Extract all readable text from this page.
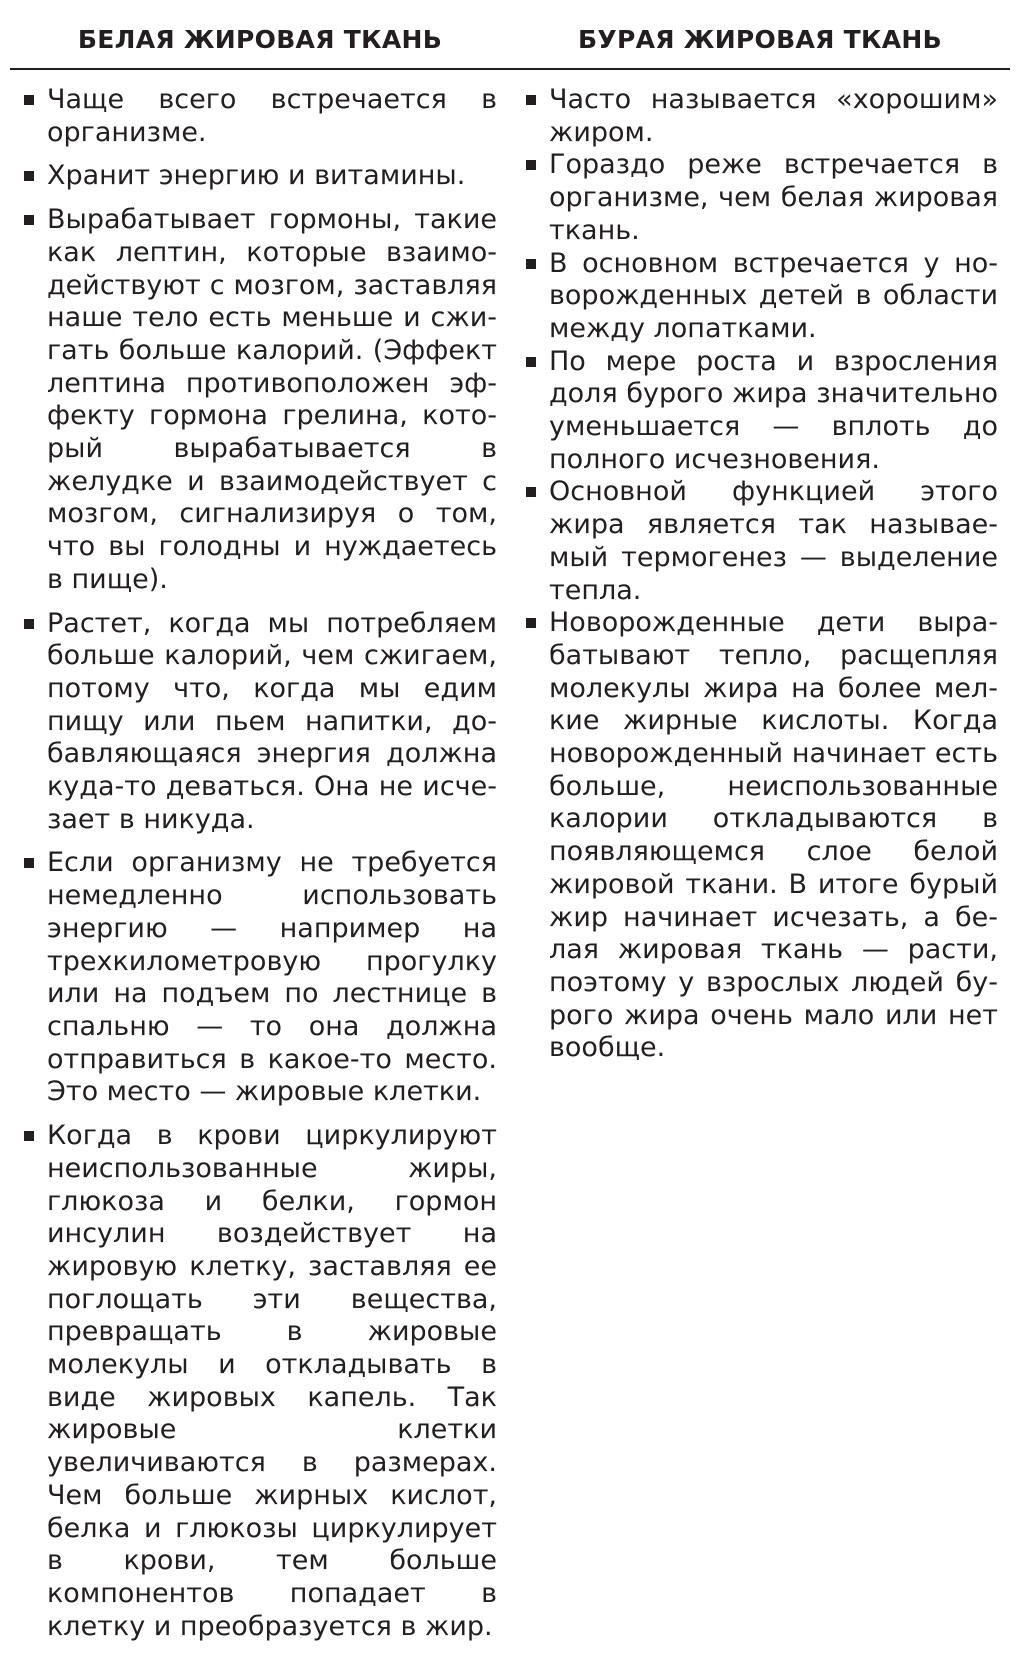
БЕЛАЯ ЖИРОВАЯ ТКАНЬ	БУРАЯ ЖИРОВАЯ ТКАНЬ
Чаще всего встречается в организме.
Хранит энергию и витамины.
Вырабатывает гормоны, такие как лептин, которые взаимодействуют с мозгом, заставляя наше тело есть меньше и сжигать больше калорий. (Эффект лептина противоположен эффекту гормона грелина, который вырабатывается в желудке и взаимодействует с мозгом, сигнализируя о том, что вы голодны и нуждаетесь в пище).
Растет, когда мы потребляем больше калорий, чем сжигаем, потому что, когда мы едим пищу или пьем напитки, добавляющаяся энергия должна куда-то деваться. Она не исчезает в никуда.
Если организму не требуется немедленно использовать энергию — например на трехкилометровую прогулку или на подъем по лестнице в спальню — то она должна отправиться в какое-то место. Это место — жировые клетки.
Когда в крови циркулируют неиспользованные жиры, глюкоза и белки, гормон инсулин воздействует на жировую клетку, заставляя ее поглощать эти вещества, превращать в жировые молекулы и откладывать в виде жировых капель. Так жировые клетки увеличиваются в размерах. Чем больше жирных кислот, белка и глюкозы циркулирует в крови, тем больше компонентов попадает в клетку и преобразуется в жир.
Часто называется «хорошим» жиром.
Гораздо реже встречается в организме, чем белая жировая ткань.
В основном встречается у новорожденных детей в области между лопатками.
По мере роста и взросления доля бурого жира значительно уменьшается — вплоть до полного исчезновения.
Основной функцией этого жира является так называемый термогенез — выделение тепла.
Новорожденные дети вырабатывают тепло, расщепляя молекулы жира на более мелкие жирные кислоты. Когда новорожденный начинает есть больше, неиспользованные калории откладываются в появляющемся слое белой жировой ткани. В итоге бурый жир начинает исчезать, а белая жировая ткань — расти, поэтому у взрослых людей бурого жира очень мало или нет вообще.
